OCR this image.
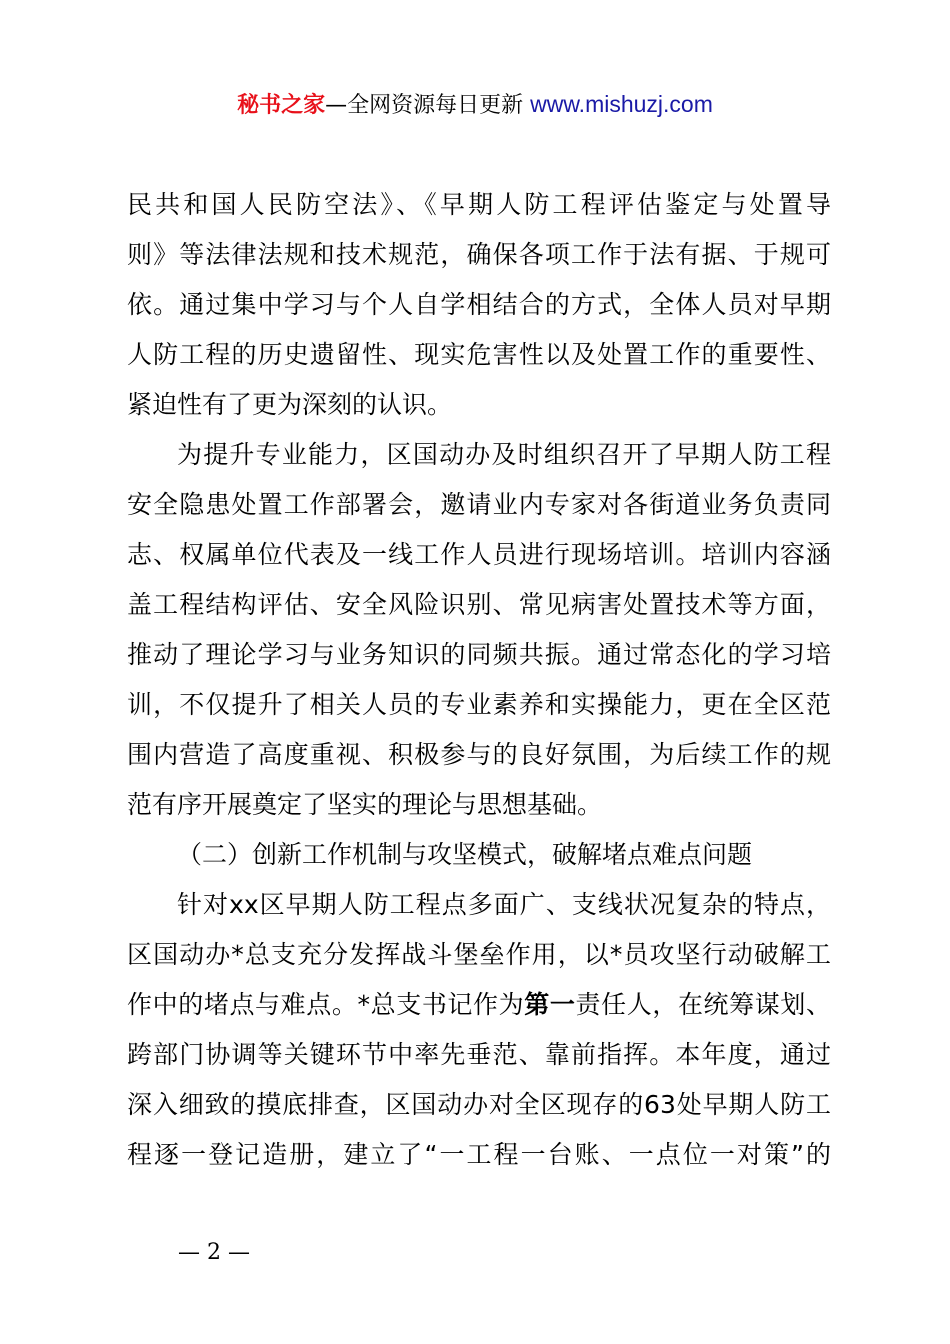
秘书之家—全网资源每日更新 www.mishuzj.com
民共和国人民防空法》、《早期人防工程评估鉴定与处置导
则》等法律法规和技术规范，确保各项工作于法有据、于规可
依。通过集中学习与个人自学相结合的方式，全体人员对早期
人防工程的历史遗留性、现实危害性以及处置工作的重要性、
紧迫性有了更为深刻的认识。
为提升专业能力，区国动办及时组织召开了早期人防工程
安全隐患处置工作部署会，邀请业内专家对各街道业务负责同
志、权属单位代表及一线工作人员进行现场培训。培训内容涵
盖工程结构评估、安全风险识别、常见病害处置技术等方面，
推动了理论学习与业务知识的同频共振。通过常态化的学习培
训，不仅提升了相关人员的专业素养和实操能力，更在全区范
围内营造了高度重视、积极参与的良好氛围，为后续工作的规
范有序开展奠定了坚实的理论与思想基础。
（二）创新工作机制与攻坚模式，破解堵点难点问题
针对xx区早期人防工程点多面广、支线状况复杂的特点，
区国动办*总支充分发挥战斗堡垒作用，以*员攻坚行动破解工
作中的堵点与难点。*总支书记作为第一责任人，在统筹谋划、
跨部门协调等关键环节中率先垂范、靠前指挥。本年度，通过
深入细致的摸底排查，区国动办对全区现存的63处早期人防工
程逐一登记造册，建立了“一工程一台账、一点位一对策”的
— 2 —
